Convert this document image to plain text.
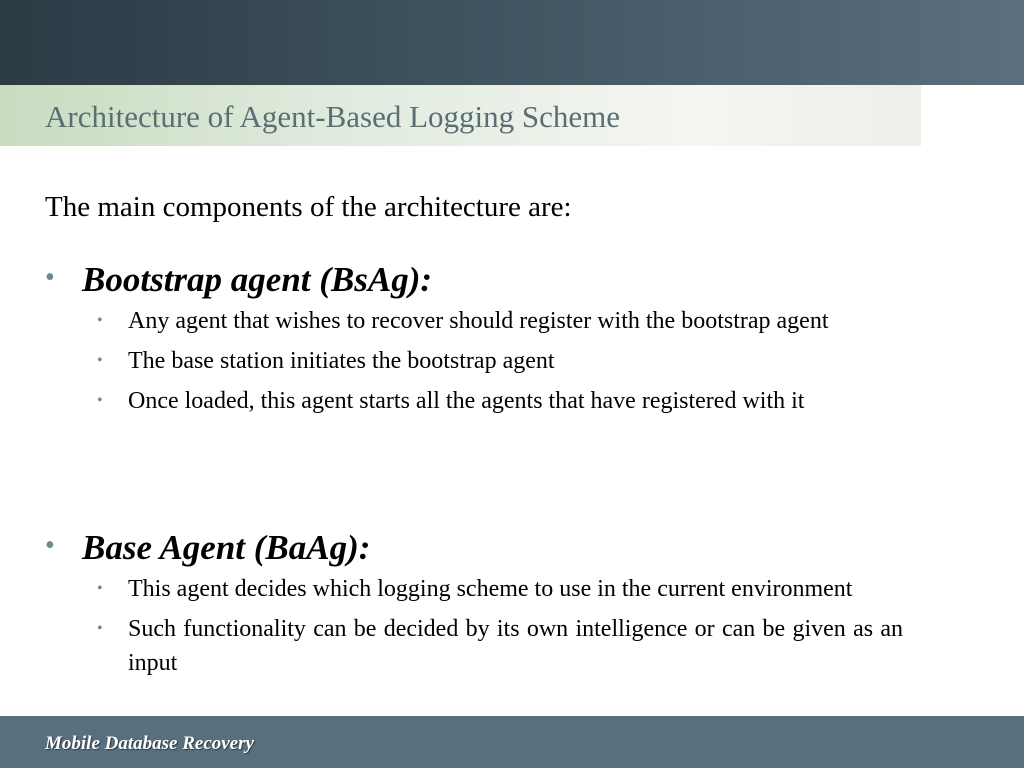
Architecture of Agent-Based Logging Scheme

The main components of the architecture are:

• Bootstrap agent (BsAg):
• Any agent that wishes to recover should register with the bootstrap agent
• The base station initiates the bootstrap agent
• Once loaded, this agent starts all the agents that have registered with it
• Base Agent (BaAg):
• This agent decides which logging scheme to use in the current environment
• Such functionality can be decided by its own intelligence or can be given as an input

Mobile Database Recovery
